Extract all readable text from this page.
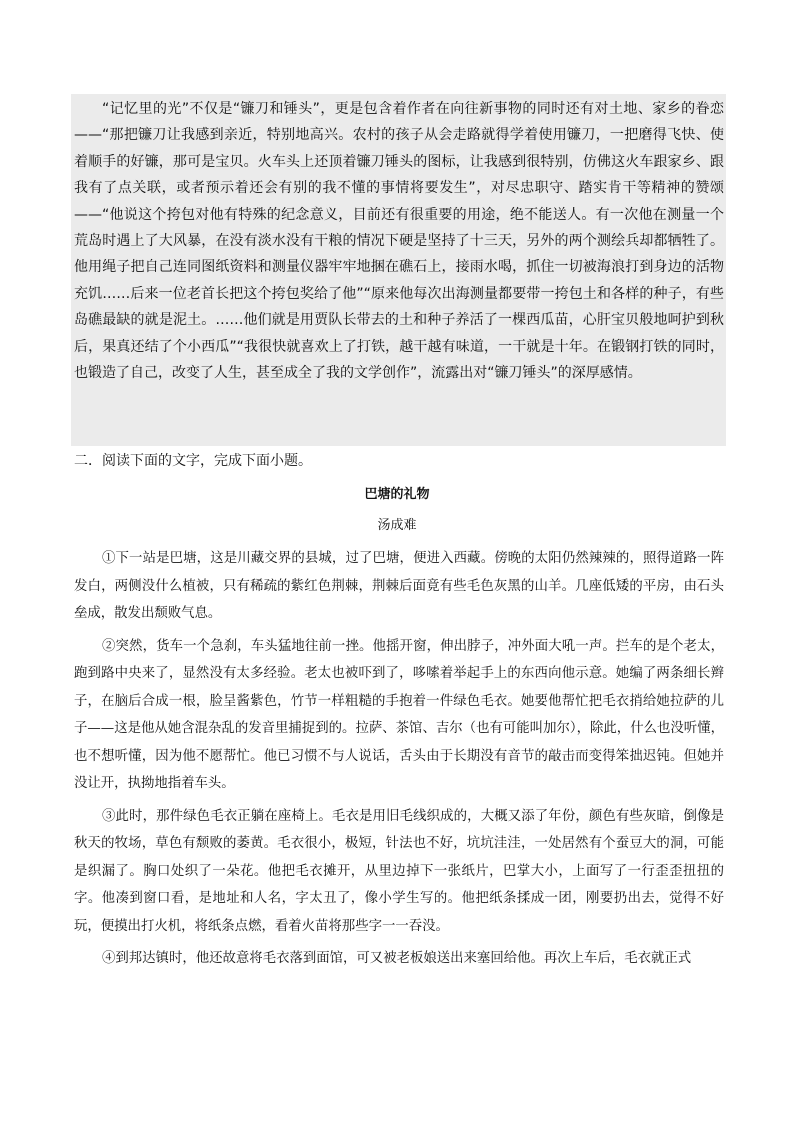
“记忆里的光”不仅是“镰刀和锤头”，更是包含着作者在向往新事物的同时还有对土地、家乡的眷恋——“那把镰刀让我感到亲近，特别地高兴。农村的孩子从会走路就得学着使用镰刀，一把磨得飞快、使着顺手的好镰，那可是宝贝。火车头上还顶着镰刀锤头的图标，让我感到很特别，仿佛这火车跟家乡、跟我有了点关联，或者预示着还会有别的我不懂的事情将要发生”，对尽忠职守、踏实肯干等精神的赞颂——“他说这个挎包对他有特殊的纪念意义，目前还有很重要的用途，绝不能送人。有一次他在测量一个荒岛时遇上了大风暴，在没有淡水没有干粮的情况下硬是坚持了十三天，另外的两个测绘兵却都牺牲了。他用绳子把自己连同图纸资料和测量仪器牢牢地捆在礁石上，接雨水喝，抓住一切被海浪打到身边的活物充饥……后来一位老首长把这个挎包奖给了他”“原来他每次出海测量都要带一挎包土和各样的种子，有些岛礁最缺的就是泥土。……他们就是用贾队长带去的土和种子养活了一棵西瓜苗，心肝宝贝般地呵护到秋后，果真还结了个小西瓜”“我很快就喜欢上了打铁，越干越有味道，一干就是十年。在锻钢打铁的同时，也锻造了自己，改变了人生，甚至成全了我的文学创作”，流露出对“镰刀锤头”的深厚感情。

二．阅读下面的文字，完成下面小题。

巴塘的礼物

汤成难

①下一站是巴塘，这是川藏交界的县城，过了巴塘，便进入西藏。傍晚的太阳仍然辣辣的，照得道路一阵发白，两侧没什么植被，只有稀疏的紫红色荆棘，荆棘后面竟有些毛色灰黑的山羊。几座低矮的平房，由石头垒成，散发出颓败气息。

②突然，货车一个急刹，车头猛地往前一挫。他摇开窗，伸出脖子，冲外面大吼一声。拦车的是个老太，跑到路中央来了，显然没有太多经验。老太也被吓到了，哆嗦着举起手上的东西向他示意。她编了两条细长辫子，在脑后合成一根，脸呈酱紫色，竹节一样粗糙的手抱着一件绿色毛衣。她要他帮忙把毛衣捎给她拉萨的儿子——这是他从她含混杂乱的发音里捕捉到的。拉萨、茶馆、吉尔（也有可能叫加尔），除此，什么也没听懂，也不想听懂，因为他不愿帮忙。他已习惯不与人说话，舌头由于长期没有音节的敲击而变得笨拙迟钝。但她并没让开，执拗地指着车头。

③此时，那件绿色毛衣正躺在座椅上。毛衣是用旧毛线织成的，大概又添了年份，颜色有些灰暗，倒像是秋天的牧场，草色有颓败的萎黄。毛衣很小，极短，针法也不好，坑坑洼洼，一处居然有个蚕豆大的洞，可能是织漏了。胸口处织了一朵花。他把毛衣摊开，从里边掉下一张纸片，巴掌大小，上面写了一行歪歪扭扭的字。他凑到窗口看，是地址和人名，字太丑了，像小学生写的。他把纸条揉成一团，刚要扔出去，觉得不好玩，便摸出打火机，将纸条点燃，看着火苗将那些字一一吞没。

④到邦达镇时，他还故意将毛衣落到面馆，可又被老板娘送出来塞回给他。再次上车后，毛衣就正式
